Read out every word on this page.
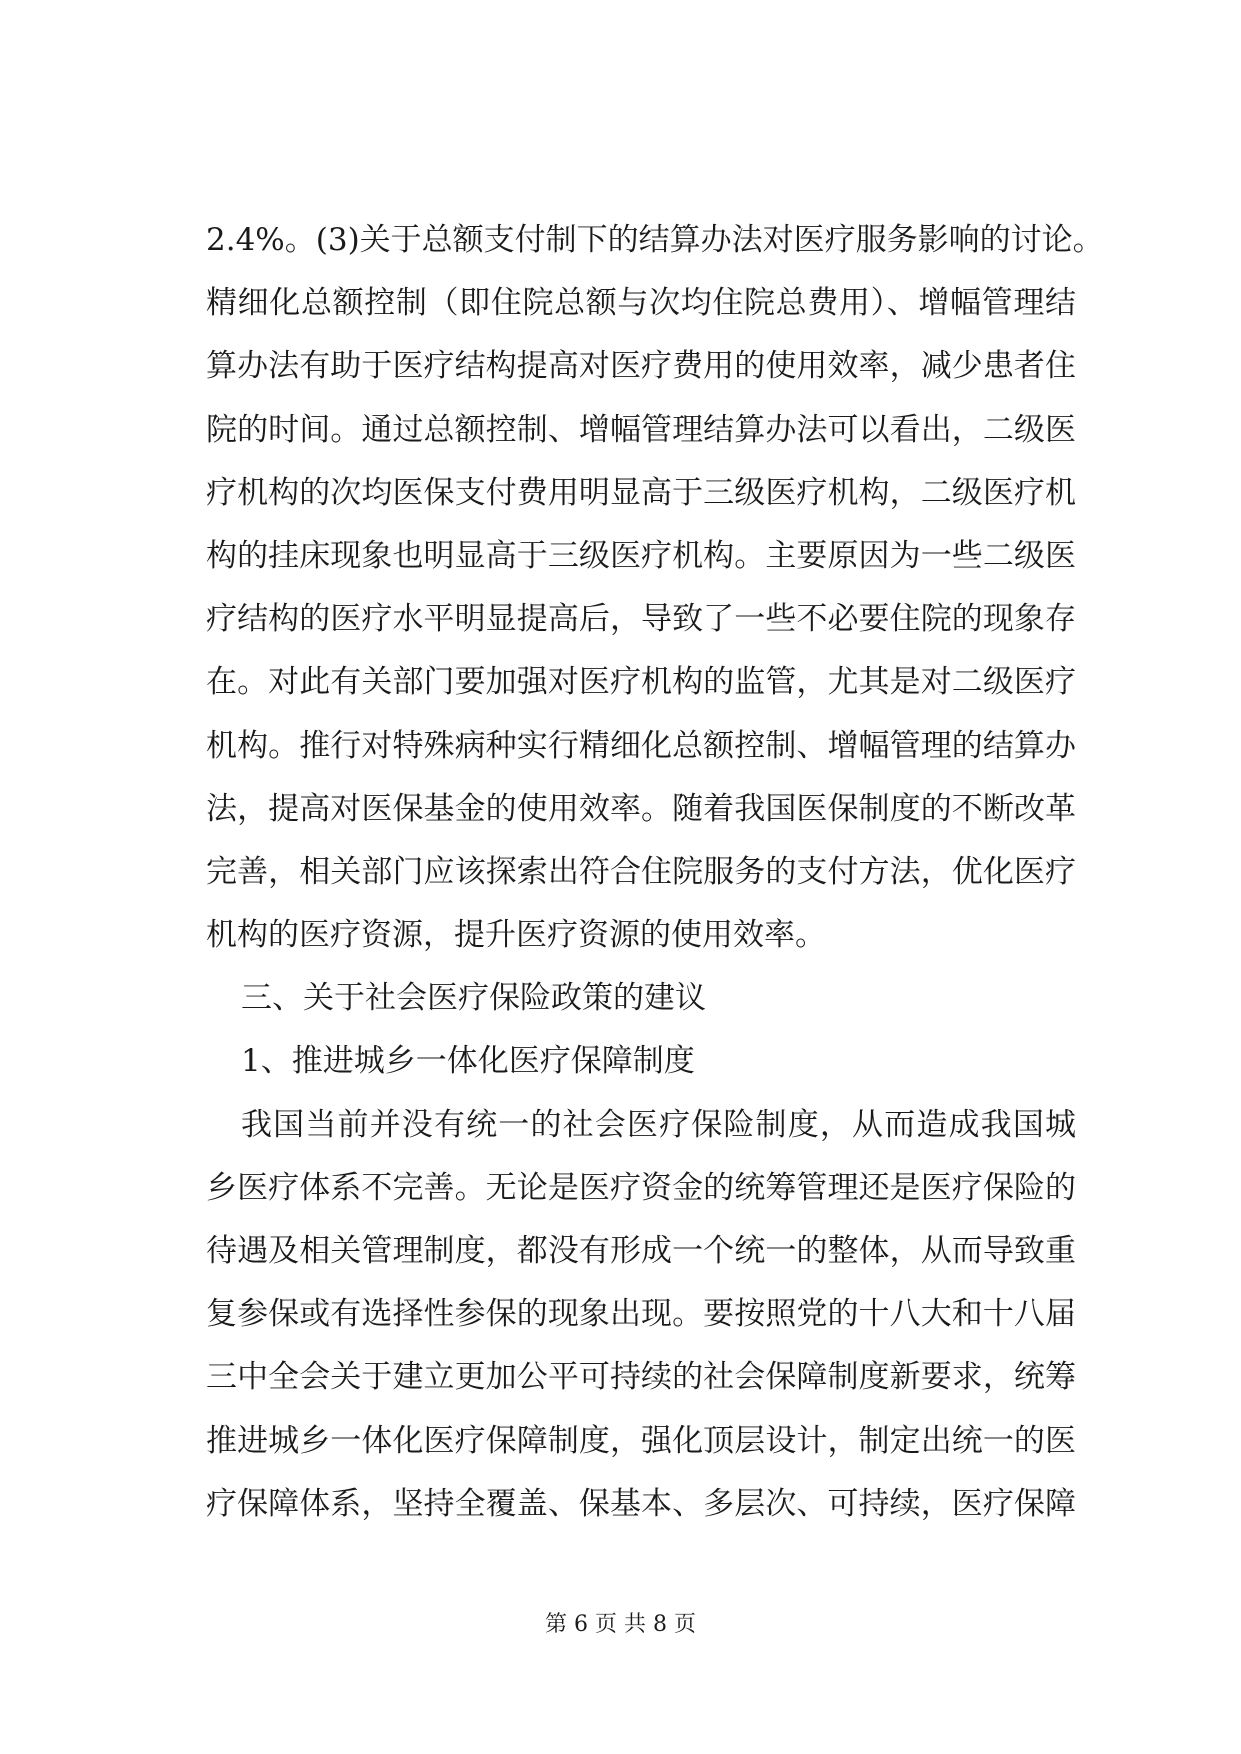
2.4%。(3)关于总额支付制下的结算办法对医疗服务影响的讨论。
精细化总额控制（即住院总额与次均住院总费用）、增幅管理结
算办法有助于医疗结构提高对医疗费用的使用效率，减少患者住
院的时间。通过总额控制、增幅管理结算办法可以看出，二级医
疗机构的次均医保支付费用明显高于三级医疗机构，二级医疗机
构的挂床现象也明显高于三级医疗机构。主要原因为一些二级医
疗结构的医疗水平明显提高后，导致了一些不必要住院的现象存
在。对此有关部门要加强对医疗机构的监管，尤其是对二级医疗
机构。推行对特殊病种实行精细化总额控制、增幅管理的结算办
法，提高对医保基金的使用效率。随着我国医保制度的不断改革
完善，相关部门应该探索出符合住院服务的支付方法，优化医疗
机构的医疗资源，提升医疗资源的使用效率。
三、关于社会医疗保险政策的建议
1、推进城乡一体化医疗保障制度
我国当前并没有统一的社会医疗保险制度，从而造成我国城
乡医疗体系不完善。无论是医疗资金的统筹管理还是医疗保险的
待遇及相关管理制度，都没有形成一个统一的整体，从而导致重
复参保或有选择性参保的现象出现。要按照党的十八大和十八届
三中全会关于建立更加公平可持续的社会保障制度新要求，统筹
推进城乡一体化医疗保障制度，强化顶层设计，制定出统一的医
疗保障体系，坚持全覆盖、保基本、多层次、可持续，医疗保障
第 6 页 共 8 页
